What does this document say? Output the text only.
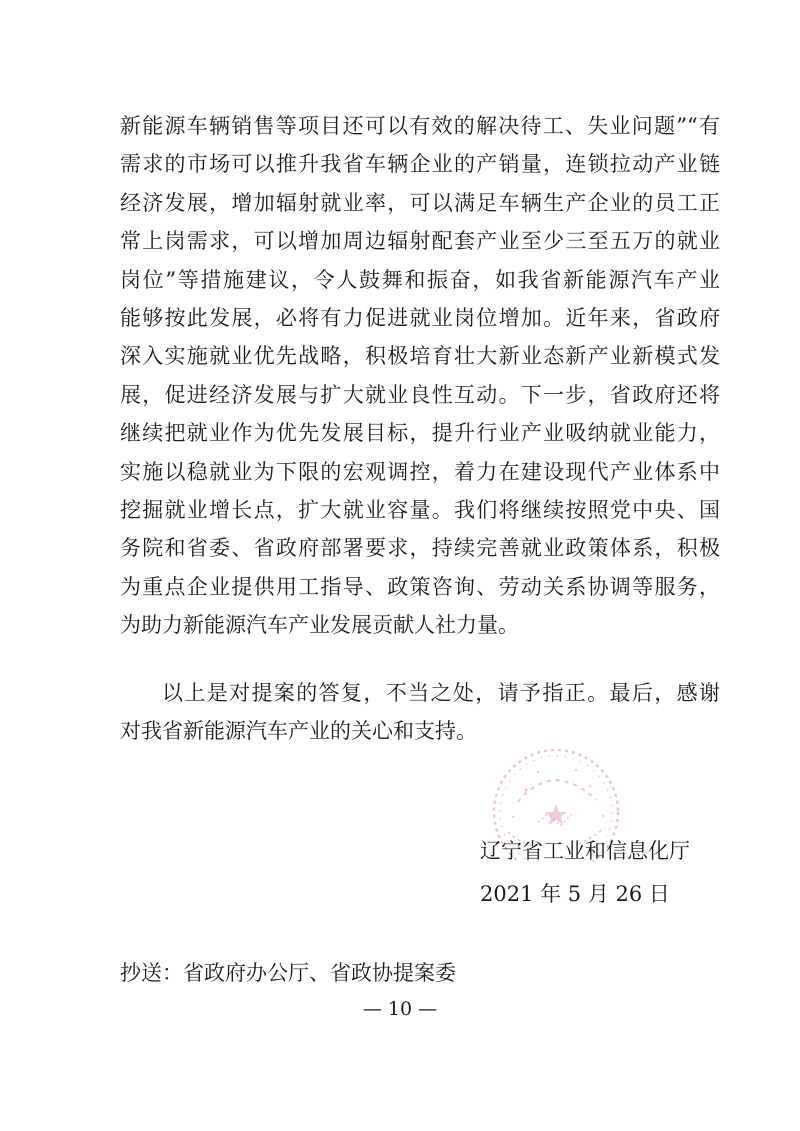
新能源车辆销售等项目还可以有效的解决待工、失业问题”“有
需求的市场可以推升我省车辆企业的产销量，连锁拉动产业链
经济发展，增加辐射就业率，可以满足车辆生产企业的员工正
常上岗需求，可以增加周边辐射配套产业至少三至五万的就业
岗位”等措施建议，令人鼓舞和振奋，如我省新能源汽车产业
能够按此发展，必将有力促进就业岗位增加。近年来，省政府
深入实施就业优先战略，积极培育壮大新业态新产业新模式发
展，促进经济发展与扩大就业良性互动。下一步，省政府还将
继续把就业作为优先发展目标，提升行业产业吸纳就业能力，
实施以稳就业为下限的宏观调控，着力在建设现代产业体系中
挖掘就业增长点，扩大就业容量。我们将继续按照党中央、国
务院和省委、省政府部署要求，持续完善就业政策体系，积极
为重点企业提供用工指导、政策咨询、劳动关系协调等服务，
为助力新能源汽车产业发展贡献人社力量。
以上是对提案的答复，不当之处，请予指正。最后，感谢
对我省新能源汽车产业的关心和支持。
辽宁省工业和信息化厅
2021 年 5 月 26 日
抄送：省政府办公厅、省政协提案委
— 10 —
